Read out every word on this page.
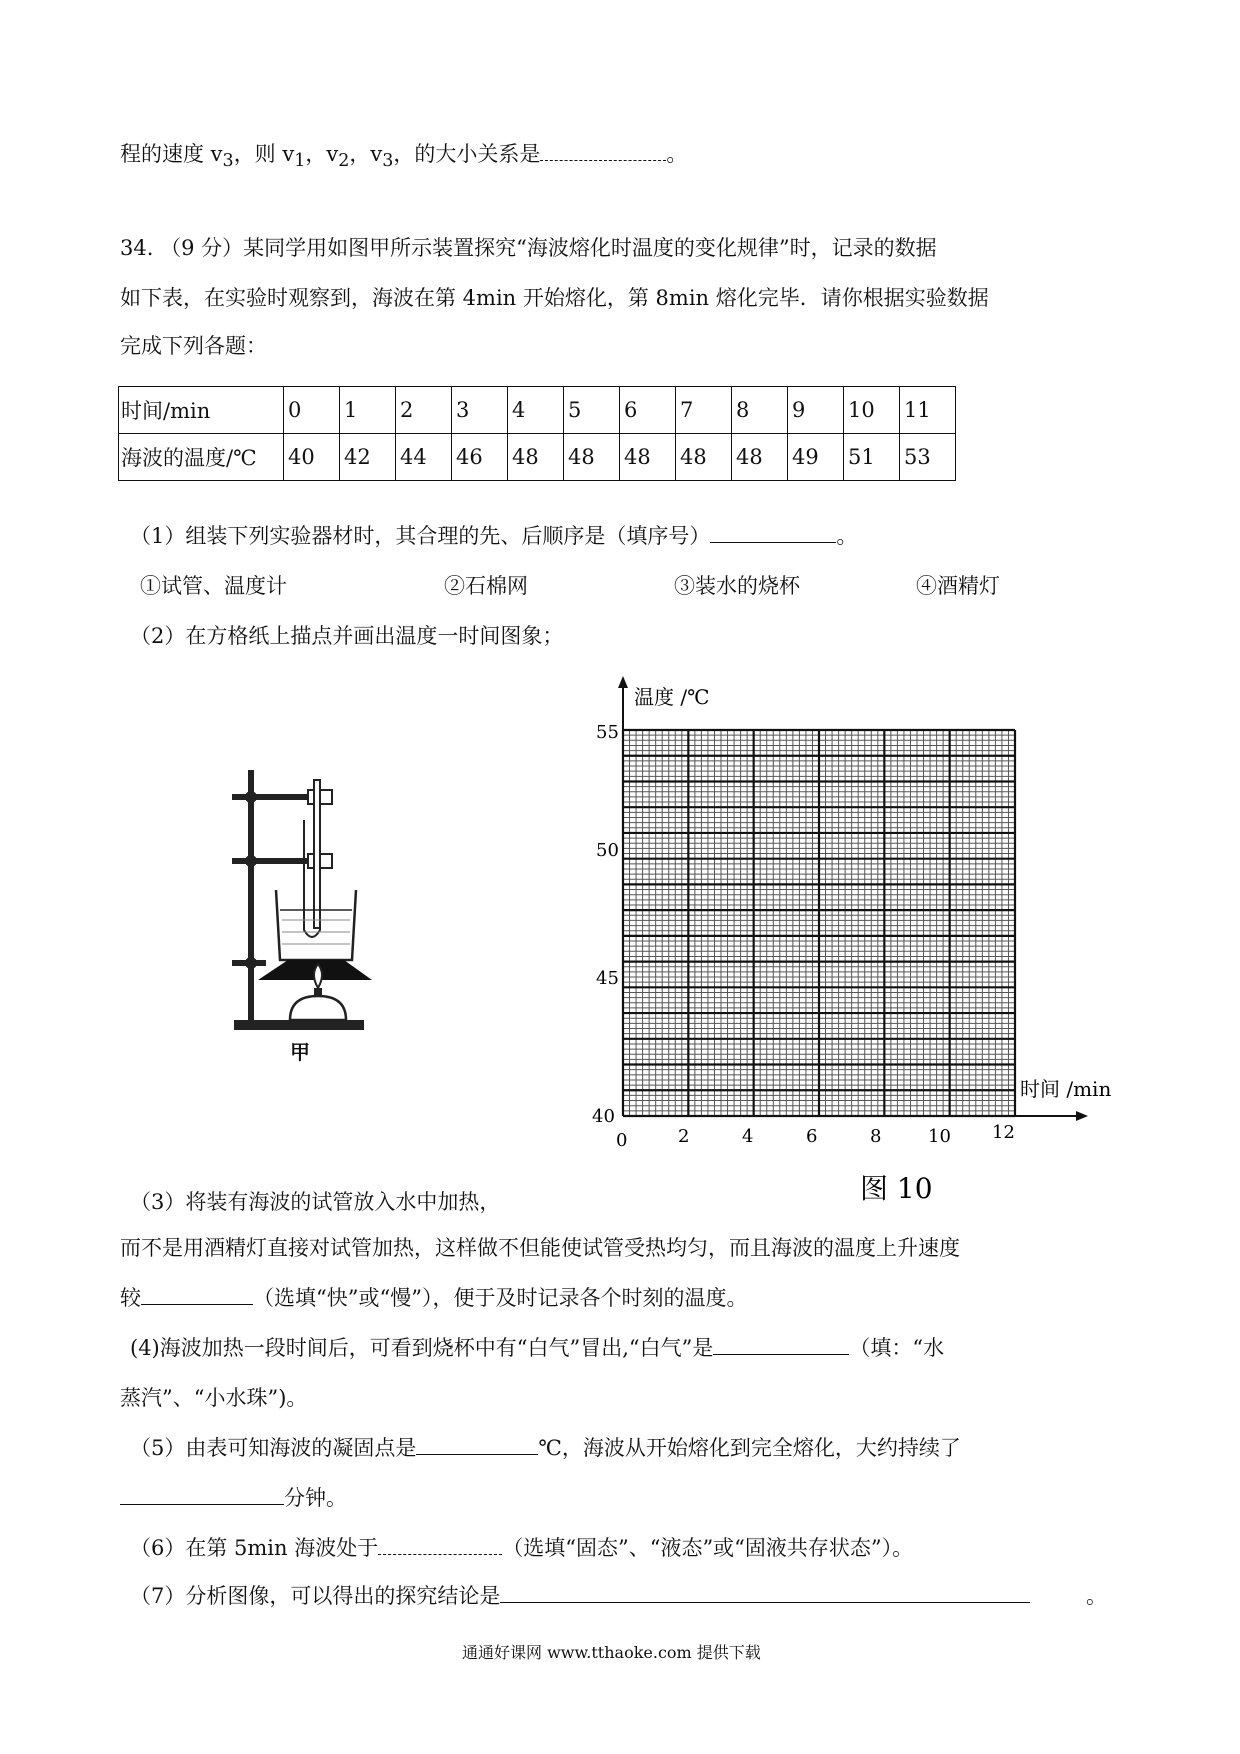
程的速度 $v_3$，则 $v_1$，$v_2$，$v_3$，的大小关系是	。
34. （9 分）某同学用如图甲所示装置探究“海波熔化时温度的变化规律”时，记录的数据
如下表，在实验时观察到，海波在第 4min 开始熔化，第 8min 熔化完毕．请你根据实验数据
完成下列各题：
时间/min	0	1	2	3	4	5	6	7	8	9	10	11
海波的温度/℃	40	42	44	46	48	48	48	48	48	49	51	53
（1）组装下列实验器材时，其合理的先、后顺序是（填序号）	。
①试管、温度计	②石棉网	③装水的烧杯	④酒精灯
（2）在方格纸上描点并画出温度一时间图象；
甲
温度 /℃
时间 /min
55
50
45
40
0	2	4	6	8	10 12
图 10
（3）将装有海波的试管放入水中加热，
而不是用酒精灯直接对试管加热，这样做不但能使试管受热均匀，而且海波的温度上升速度
较	（选填“快”或“慢”），便于及时记录各个时刻的温度。
(4)海波加热一段时间后，可看到烧杯中有“白气”冒出,“白气”是	（填：“水
蒸汽”、“小水珠”)。
（5）由表可知海波的凝固点是	℃，海波从开始熔化到完全熔化，大约持续了
分钟。
（6）在第 5min 海波处于	（选填“固态”、“液态”或“固液共存状态”）。
（7）分析图像，可以得出的探究结论是	。
通通好课网 www.tthaoke.com 提供下载
